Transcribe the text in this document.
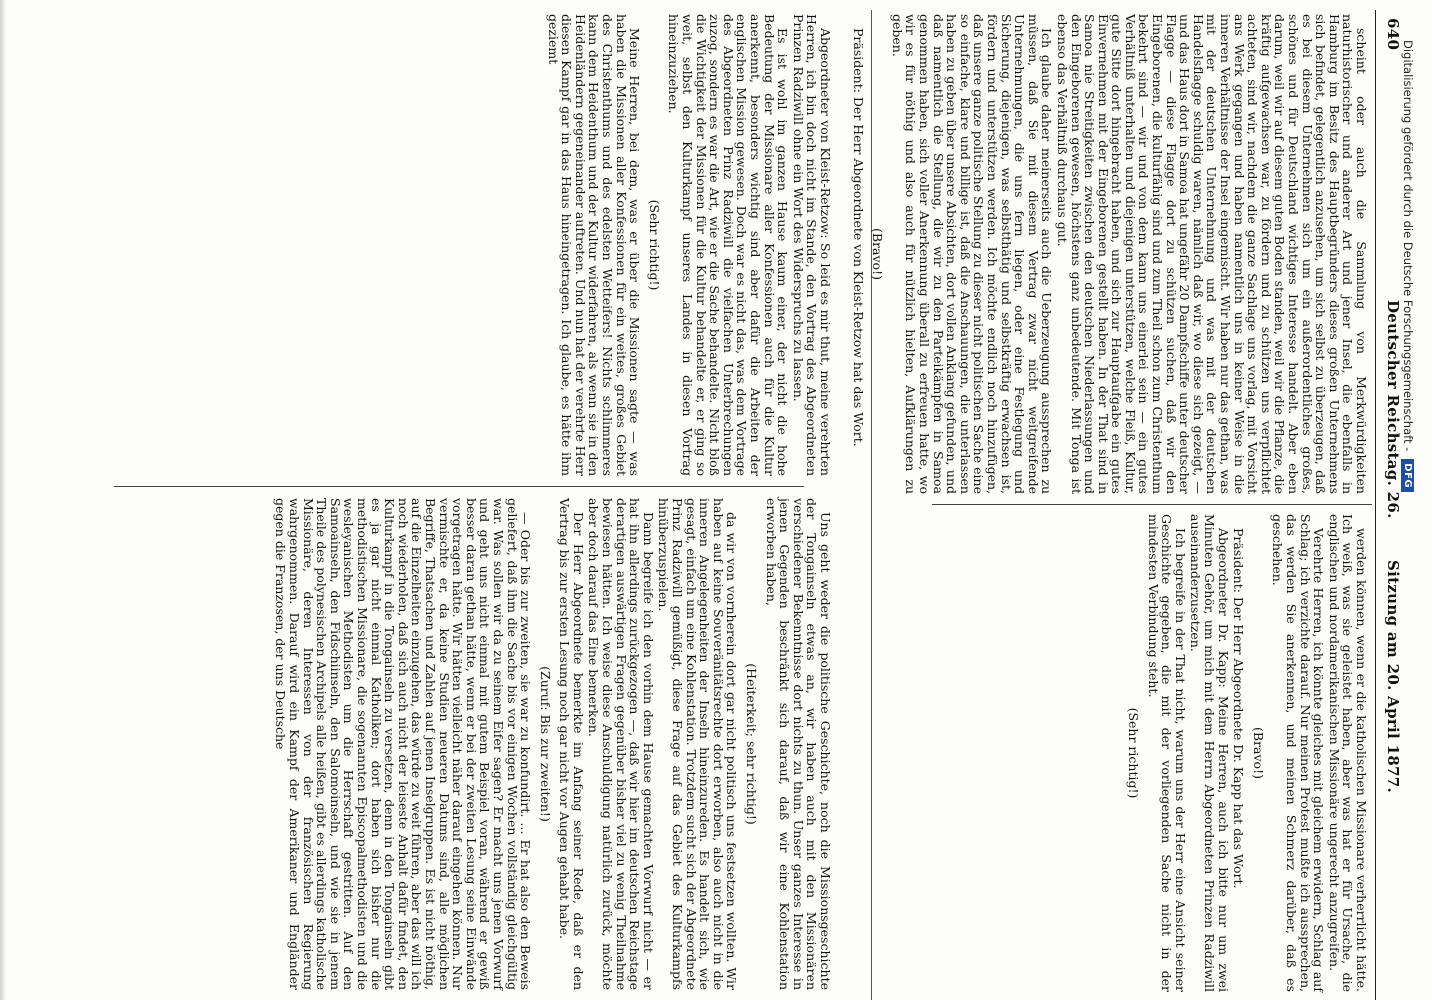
640
Deutscher Reichstag. 26.
Sitzung am 20. April 1877.

scheint oder auch die Sammlung von Merkwürdigkeiten naturhistorischer und anderer Art und jener Insel, die ebenfalls in Hamburg im Besitz des Hauptbegründers dieses großen Unternehmens sich befindet, gelegentlich anzusehen, um sich selbst zu überzeugen, daß es bei diesem Unternehmen sich um ein außerordentliches großes, schönes und für Deutschland wichtiges Interesse handelt. Aber eben darum, weil wir auf diesem guten Boden standen, weil wir die Pflanze, die kräftig aufgewachsen war, zu fördern und zu schützen uns verpflichtet achteten, sind wir, nachdem die ganze Sachlage uns vorlag, mit Vorsicht ans Werk gegangen und haben namentlich uns in keiner Weise in die inneren Verhältnisse der Insel eingemischt. Wir haben nur das gethan, was mit der deutschen Unternehmung und was mit der deutschen Handelsflagge schuldig waren, nämlich daß wir, wo diese sich gezeigt, — und das Haus dort in Samoa hat ungefähr 20 Dampfschiffe unter deutscher Flagge — diese Flagge dort zu schützen suchen, daß wir den Eingeborenen, die kulturfähig sind und zum Theil schon zum Christenthum bekehrt sind — wir und von dem kann uns einerlei sein — ein gutes Verhältniß unterhalten und diejenigen unterstützen, welche Fleiß, Kultur, gute Sitte dort hingebracht haben, und sich zur Hauptaufgabe ein gutes Einvernehmen mit der Eingeborenen gestellt haben. In der That sind in Samoa nie Streitigkeiten zwischen den deutschen Niederlassungen und den Eingeborenen gewesen, höchstens ganz unbedeutende. Mit Tonga ist ebenso das Verhältniß durchaus gut.

Ich glaube daher meinerseits auch die Ueberzeugung aussprechen zu müssen, daß Sie mit diesem Vertrag zwar nicht weitgreifende Unternehmungen, die uns fern liegen, oder eine Festlegung und Sicherung, diejenigen, was selbstthätig und selbstkräftig erwachsen ist, fördern und unterstützen werden. Ich möchte endlich noch hinzufügen, daß unsere ganze politische Stellung zu dieser nicht politischen Sache eine so einfache, klare und billige ist, daß die Anschauungen, die unterlassen haben zu geben über unsere Absichten, dort vollen Anklang gefunden, und daß namentlich die Stellung, die wir zu den Parteikämpfen in Samoa genommen haben, sich voller Anerkennung überall zu erfreuen hatte, wo wir es für nöthig und also auch für nützlich hielten, Aufklärungen zu geben.

(Bravo!)

Präsident: Der Herr Abgeordnete von Kleist-Retzow hat das Wort.

werden können, wenn er die katholischen Missionare verherrlicht hätte. Ich weiß, was sie geleistet haben, aber was hat er für Ursache, die englischen und nordamerikanischen Missionäre ungerecht anzugreifen.

Verehrte Herren, ich könnte gleiches mit gleichem erwidern, Schlag auf Schlag; ich verzichte darauf. Nur meinen Protest mußte ich aussprechen, das werden Sie anerkennen, und meinen Schmerz darüber, daß es geschehen.

(Bravo!)

Präsident: Der Herr Abgeordnete Dr. Kapp hat das Wort.

Abgeordneter Dr. Kapp: Meine Herren, auch ich bitte nur um zwei Minuten Gehör, um mich mit dem Herrn Abgeordneten Prinzen Radziwill auseinanderzusetzen.

Ich begreife in der That nicht, warum uns der Herr eine Ansicht seiner Geschichte gegeben, die mit der vorliegenden Sache nicht in der mindesten Verbindung steht.

(Sehr richtig!)

Abgeordneter von Kleist-Retzow: So leid es mir thut, meine verehrten Herren, ich bin doch nicht im Stande, den Vortrag des Abgeordneten Prinzen Radziwill ohne ein Wort des Widerspruchs zu lassen.

Es ist wohl im ganzen Hause kaum einer, der nicht die hohe Bedeutung der Missionare aller Konfessionen auch für die Kultur anerkennt, besonders wichtig sind aber dafür die Arbeiten der englischen Mission gewesen. Doch war es nicht das, was dem Vortrage des Abgeordneten Prinz Radziwill die vielfachen Unterbrechungen zuzog, sondern es war die Art, wie er die Sache behandelte. Nicht bloß die Wichtigkeit der Missionen für die Kultur behandelte er, er ging so weit, selbst den Kulturkampf unseres Landes in diesen Vortrag hineinzuziehen.

(Sehr richtig!)

Meine Herren, bei dem, was er über die Missionen sagte — was haben die Missionen aller Konfessionen für ein weites, großes Gebiet des Christenthums und des edelsten Wetteifers! Nichts schlimmeres kann dem Heidenthum und der Kultur widerfahren, als wenn sie in den Heidenländern gegeneinander auftreten. Und nun hat der verehrte Herr diesen Kampf gar in das Haus hineingetragen. Ich glaube, es hätte ihm geziemt

Uns geht weder die politische Geschichte, noch die Missionsgeschichte der Tongainseln etwas an, wir haben auch mit den Missionären verschiedener Bekenntnisse dort nichts zu thun. Unser ganzes Interesse in jenen Gegenden beschränkt sich darauf, daß wir eine Kohlenstation erworben haben,

(Heiterkeit; sehr richtig!)

da wir von vornherein dort gar nicht politisch uns festsetzen wollten. Wir haben auf keine Souveränitätsrechte dort erworben, also auch nicht in die inneren Angelegenheiten der Inseln hineinzureden. Es handelt sich, wie gesagt, einfach um eine Kohlenstation. Trotzdem sucht sich der Abgeordnete Prinz Radziwill gemüßigt, diese Frage auf das Gebiet des Kulturkampfs hinüberzuspielen.

Dann begreife ich den vorhin dem Hause gemachten Vorwurf nicht — er hat ihn allerdings zurückgezogen —, daß wir hier im deutschen Reichstage derartigen auswärtigen Fragen gegenüber bisher viel zu wenig Theilnahme bewiesen hätten. Ich weise diese Anschuldigung natürlich zurück, möchte aber doch darauf das Eine bemerken.

Der Herr Abgeordnete bemerkte im Anfang seiner Rede, daß er den Vertrag bis zur ersten Lesung noch gar nicht vor Augen gehabt habe.

(Zuruf: Bis zur zweiten!)

— Oder bis zur zweiten, sie war zu konfundirt. ... Er hat also den Beweis geliefert, daß ihm die Sache bis vor einigen Wochen vollständig gleichgültig war. Was sollen wir da zu seinem Eifer sagen? Er macht uns jenen Vorwurf und geht uns nicht einmal mit gutem Beispiel voran, während er gewiß besser daran gethan hätte, wenn er bei der zweiten Lesung seine Einwände vorgetragen hätte. Wir hätten vielleicht näher darauf eingehen können. Nur vermischte er, da keine Studien neueren Datums sind, alle möglichen Begriffe, Thatsachen und Zahlen auf jenen Inselgruppen. Es ist nicht nöthig, auf die Einzelheiten einzugehen, das würde zu weit führen, aber das will ich noch wiederholen, daß sich auch nicht der leiseste Anhalt dafür findet, den Kulturkampf in die Tongainseln zu versetzen, denn in den Tongainseln gibt es ja gar nicht einmal Katholiken; dort haben sich bisher nur die methodistischen Missionare, die sogenannten Episcopalmethodisten und die wesleyanischen Methodisten um die Herrschaft gestritten. Auf den Samoainseln, den Fidschiinseln, den Salomoinseln, und wie sie in jenem Theile des polynesischen Archipels alle heißen, gibt es allerdings katholische Missionäre, deren Interessen von der französischen Regierung wahrgenommen. Darauf wird ein Kampf der Amerikaner und Engländer gegen die Franzosen, der uns Deutsche

Digitalisierung gefördert durch die Deutsche Forschungsgemeinschaft -
DFG
